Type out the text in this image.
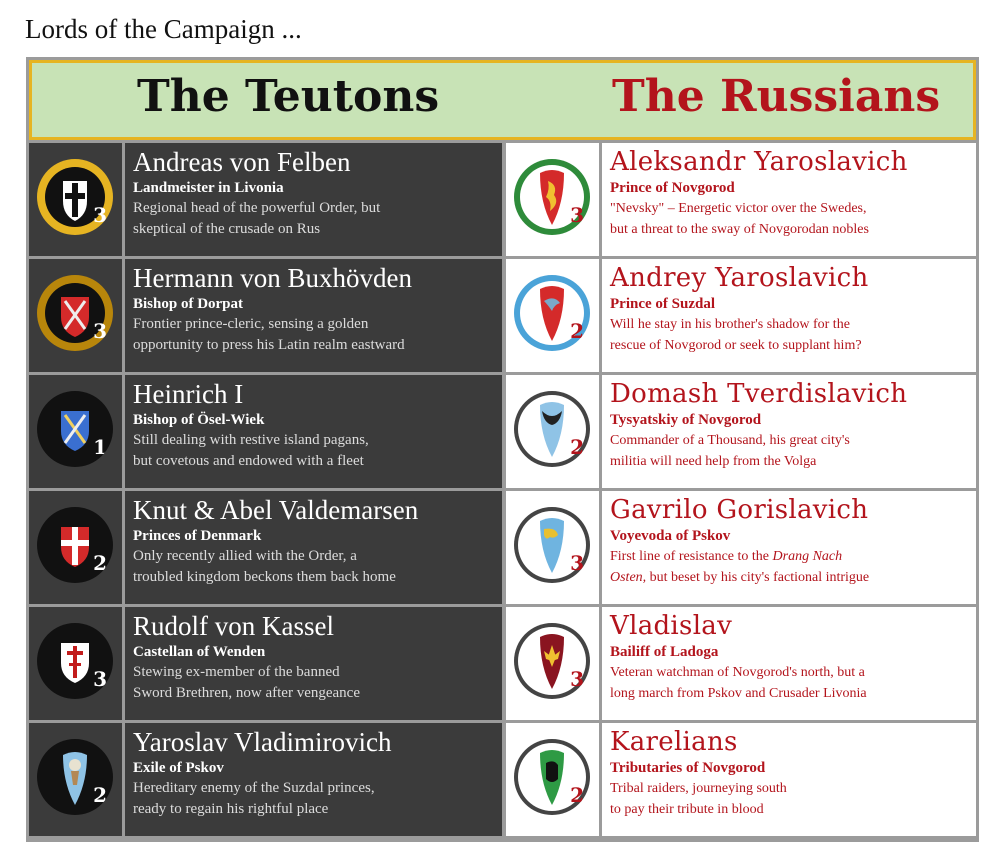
Lords of the Campaign ...
The Teutons	The Russians
3
Andreas von Felben
Landmeister in Livonia
Regional head of the powerful Order, but
skeptical of the crusade on Rus
3
Hermann von Buxhövden
Bishop of Dorpat
Frontier prince-cleric, sensing a golden
opportunity to press his Latin realm eastward
1
Heinrich I
Bishop of Ösel-Wiek
Still dealing with restive island pagans,
but covetous and endowed with a fleet
2
Knut & Abel Valdemarsen
Princes of Denmark
Only recently allied with the Order, a
troubled kingdom beckons them back home
3
Rudolf von Kassel
Castellan of Wenden
Stewing ex-member of the banned
Sword Brethren, now after vengeance
2
Yaroslav Vladimirovich
Exile of Pskov
Hereditary enemy of the Suzdal princes,
ready to regain his rightful place
3
Aleksandr Yaroslavich
Prince of Novgorod
"Nevsky" – Energetic victor over the Swedes,
but a threat to the sway of Novgorodan nobles
2
Andrey Yaroslavich
Prince of Suzdal
Will he stay in his brother's shadow for the
rescue of Novgorod or seek to supplant him?
2
Domash Tverdislavich
Tysyatskiy of Novgorod
Commander of a Thousand, his great city's
militia will need help from the Volga
3
Gavrilo Gorislavich
Voyevoda of Pskov
First line of resistance to the Drang Nach
Osten, but beset by his city's factional intrigue
3
Vladislav
Bailiff of Ladoga
Veteran watchman of Novgorod's north, but a
long march from Pskov and Crusader Livonia
2
Karelians
Tributaries of Novgorod
Tribal raiders, journeying south
to pay their tribute in blood
